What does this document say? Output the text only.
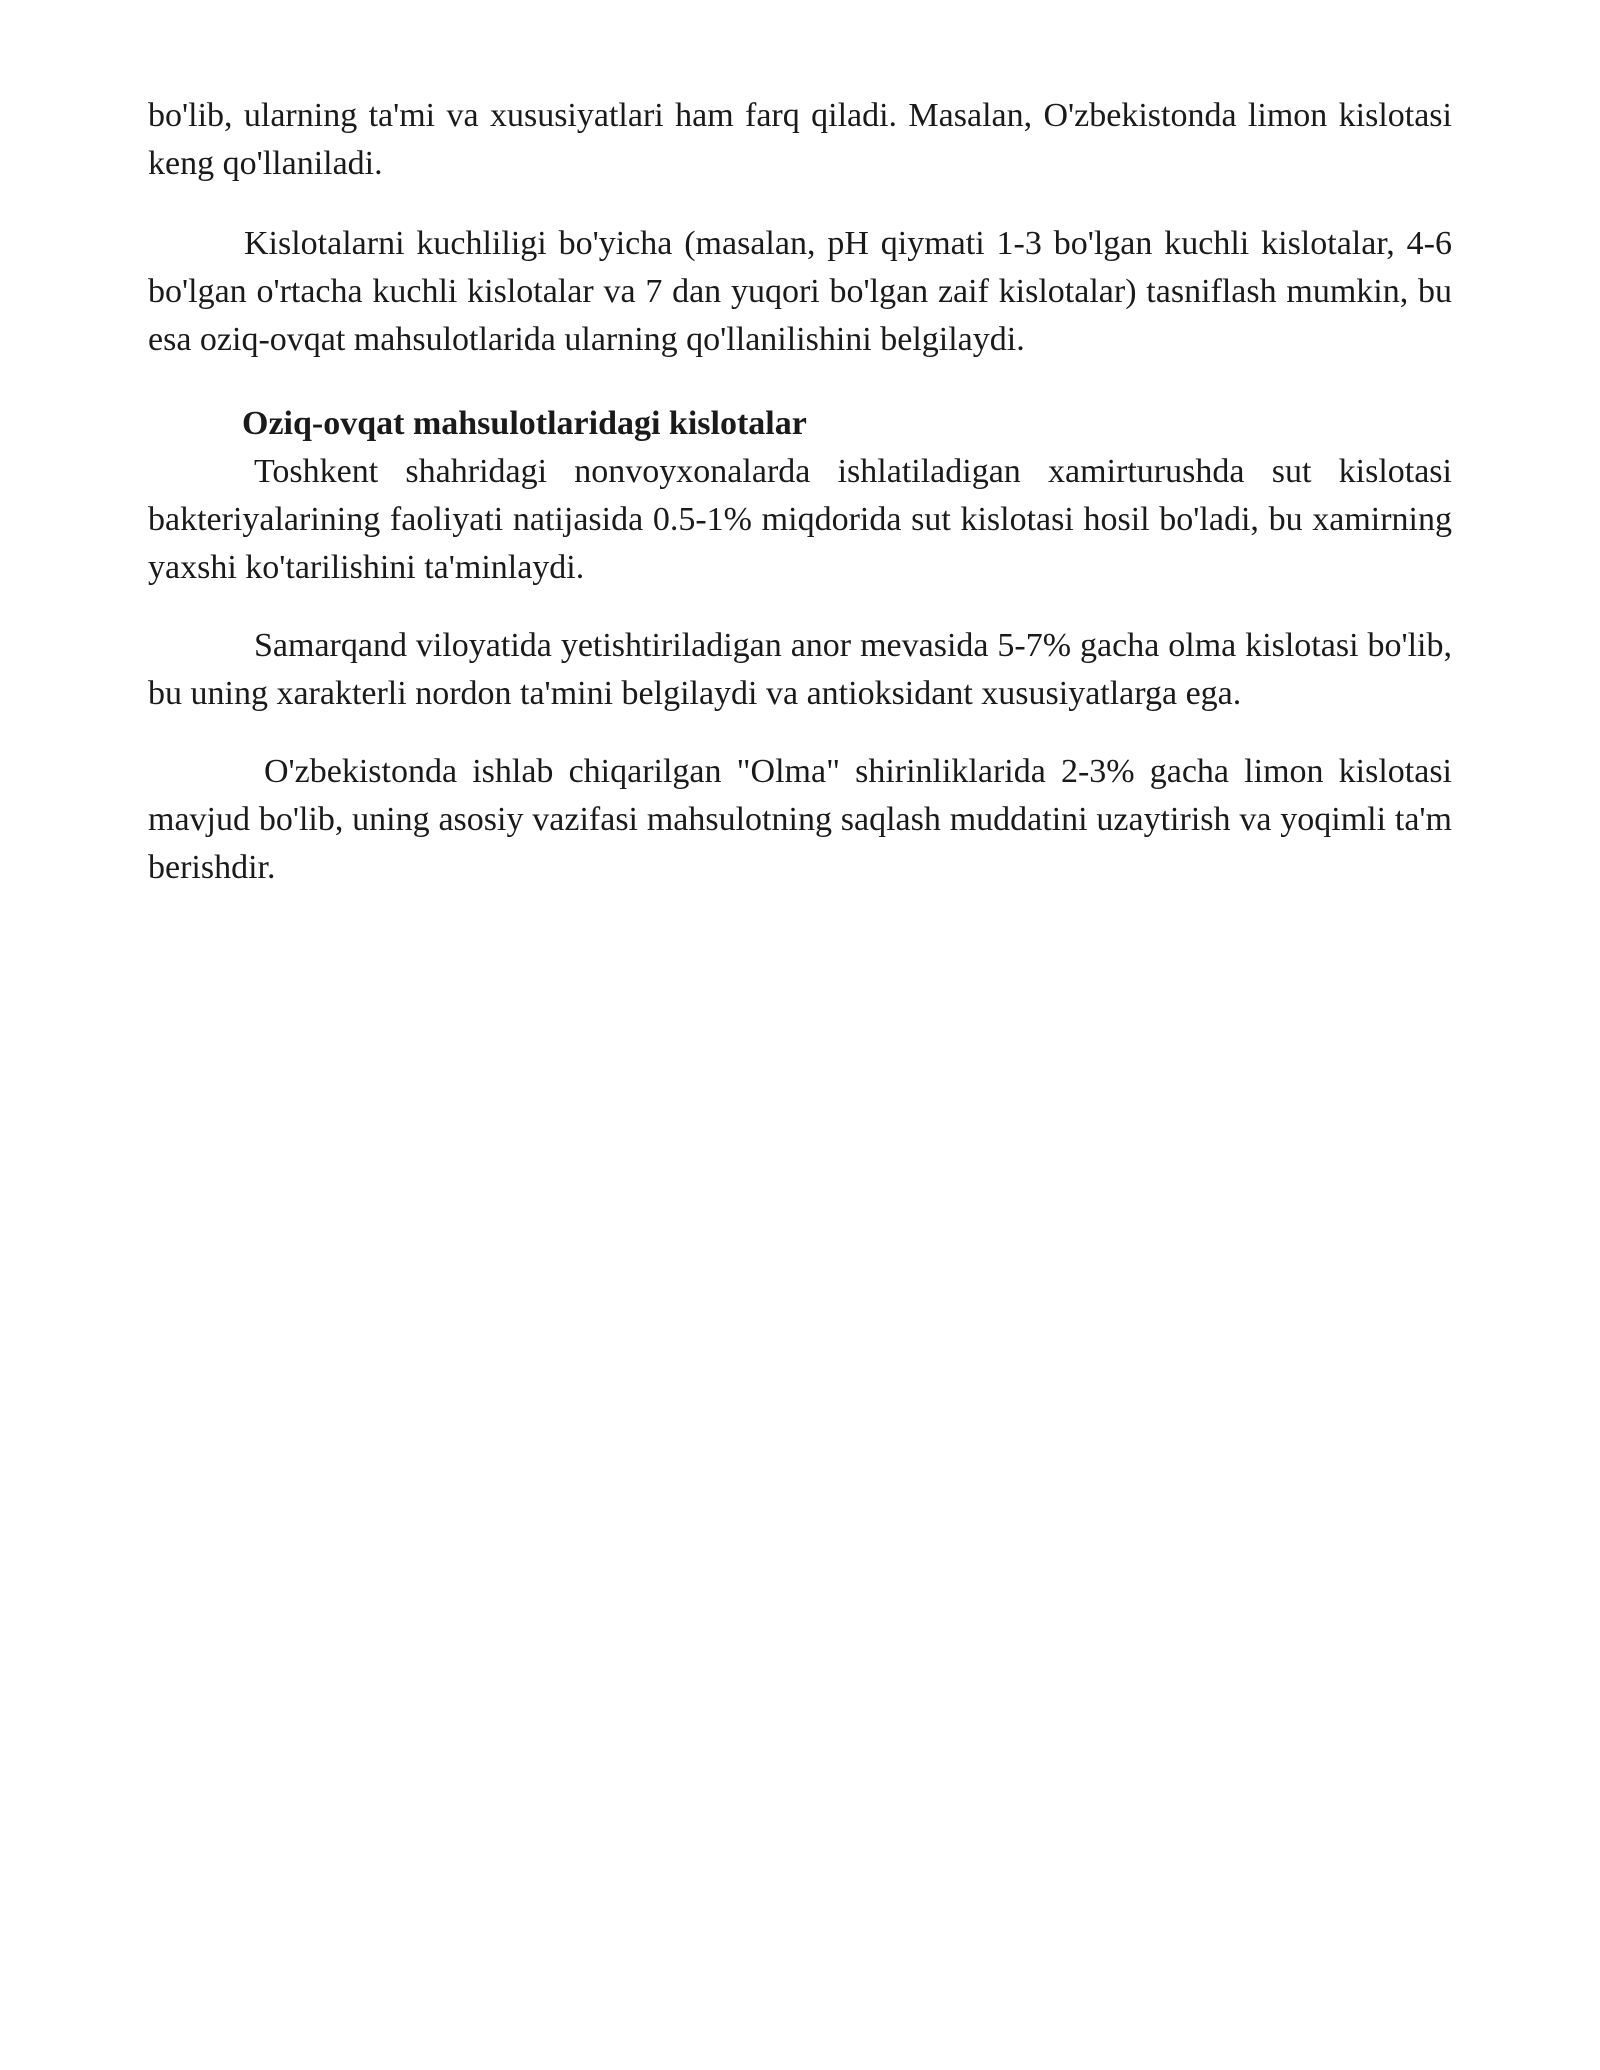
bo'lib, ularning ta'mi va xususiyatlari ham farq qiladi. Masalan, O'zbekistonda limon kislotasi keng qo'llaniladi.

Kislotalarni kuchliligi bo'yicha (masalan, pH qiymati 1-3 bo'lgan kuchli kislotalar, 4-6 bo'lgan o'rtacha kuchli kislotalar va 7 dan yuqori bo'lgan zaif kislotalar) tasniflash mumkin, bu esa oziq-ovqat mahsulotlarida ularning qo'llanilishini belgilaydi.

Oziq-ovqat mahsulotlaridagi kislotalar

Toshkent shahridagi nonvoyxonalarda ishlatiladigan xamirturushda sut kislotasi bakteriyalarining faoliyati natijasida 0.5-1% miqdorida sut kislotasi hosil bo'ladi, bu xamirning yaxshi ko'tarilishini ta'minlaydi.

Samarqand viloyatida yetishtiriladigan anor mevasida 5-7% gacha olma kislotasi bo'lib, bu uning xarakterli nordon ta'mini belgilaydi va antioksidant xususiyatlarga ega.

O'zbekistonda ishlab chiqarilgan "Olma" shirinliklarida 2-3% gacha limon kislotasi mavjud bo'lib, uning asosiy vazifasi mahsulotning saqlash muddatini uzaytirish va yoqimli ta'm berishdir.
